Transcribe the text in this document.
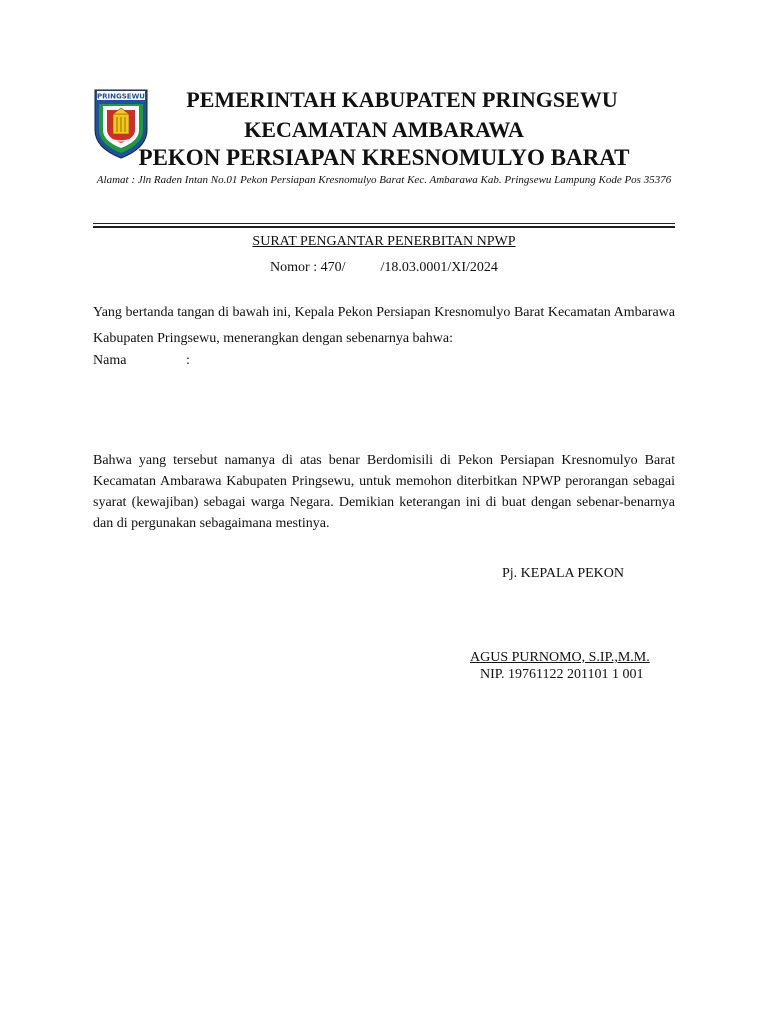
PRINGSEWU	PEMERINTAH KABUPATEN PRINGSEWU
KECAMATAN AMBARAWA
PEKON PERSIAPAN KRESNOMULYO BARAT
Alamat : Jln Raden Intan No.01 Pekon Persiapan Kresnomulyo Barat Kec. Ambarawa Kab. Pringsewu Lampung Kode Pos 35376
SURAT PENGANTAR PENERBITAN NPWP
Nomor : 470/          /18.03.0001/XI/2024
Yang bertanda tangan di bawah ini, Kepala Pekon Persiapan Kresnomulyo Barat Kecamatan Ambarawa Kabupaten Pringsewu, menerangkan dengan sebenarnya bahwa:
Nama	:
Bahwa yang tersebut namanya di atas benar Berdomisili di Pekon Persiapan Kresnomulyo Barat Kecamatan Ambarawa Kabupaten Pringsewu, untuk memohon diterbitkan NPWP perorangan sebagai syarat (kewajiban) sebagai warga Negara. Demikian keterangan ini di buat dengan sebenar-benarnya dan di pergunakan sebagaimana mestinya.
Pj. KEPALA PEKON
AGUS PURNOMO, S.IP.,M.M.
NIP. 19761122 201101 1 001
